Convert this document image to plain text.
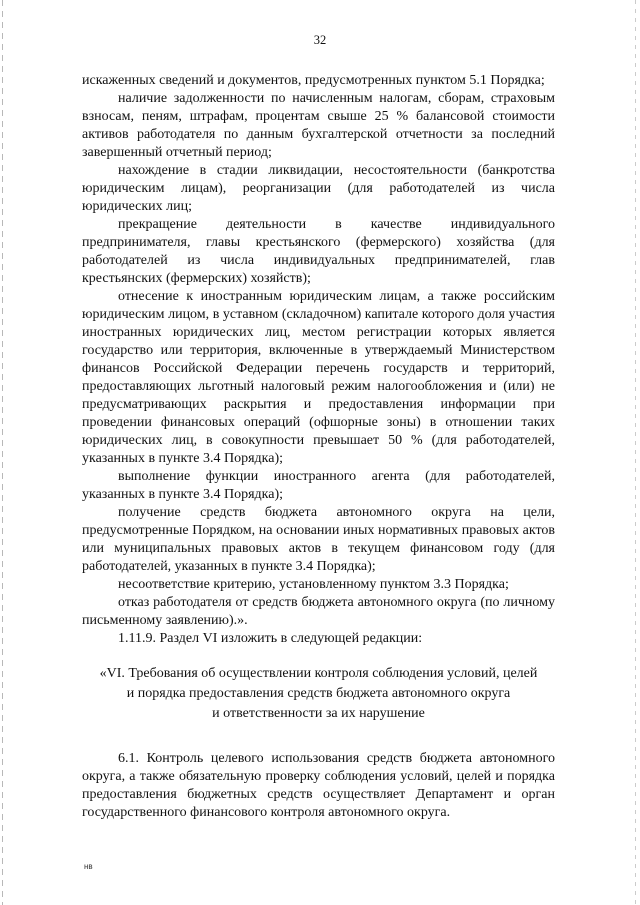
32

искаженных сведений и документов, предусмотренных пунктом 5.1 Порядка;

наличие задолженности по начисленным налогам, сборам, страховым взносам, пеням, штрафам, процентам свыше 25 % балансовой стоимости активов работодателя по данным бухгалтерской отчетности за последний завершенный отчетный период;

нахождение в стадии ликвидации, несостоятельности (банкротства юридическим лицам), реорганизации (для работодателей из числа юридических лиц;

прекращение деятельности в качестве индивидуального предпринимателя, главы крестьянского (фермерского) хозяйства (для работодателей из числа индивидуальных предпринимателей, глав крестьянских (фермерских) хозяйств);

отнесение к иностранным юридическим лицам, а также российским юридическим лицом, в уставном (складочном) капитале которого доля участия иностранных юридических лиц, местом регистрации которых является государство или территория, включенные в утверждаемый Министерством финансов Российской Федерации перечень государств и территорий, предоставляющих льготный налоговый режим налогообложения и (или) не предусматривающих раскрытия и предоставления информации при проведении финансовых операций (офшорные зоны) в отношении таких юридических лиц, в совокупности превышает 50 % (для работодателей, указанных в пункте 3.4 Порядка);

выполнение функции иностранного агента (для работодателей, указанных в пункте 3.4 Порядка);

получение средств бюджета автономного округа на цели, предусмотренные Порядком, на основании иных нормативных правовых актов или муниципальных правовых актов в текущем финансовом году (для работодателей, указанных в пункте 3.4 Порядка);

несоответствие критерию, установленному пунктом 3.3 Порядка;

отказ работодателя от средств бюджета автономного округа (по личному письменному заявлению).».

1.11.9. Раздел VI изложить в следующей редакции:

«VI. Требования об осуществлении контроля соблюдения условий, целей
и порядка предоставления средств бюджета автономного округа
и ответственности за их нарушение

6.1. Контроль целевого использования средств бюджета автономного округа, а также обязательную проверку соблюдения условий, целей и порядка предоставления бюджетных средств осуществляет Департамент и орган государственного финансового контроля автономного округа.

нв
